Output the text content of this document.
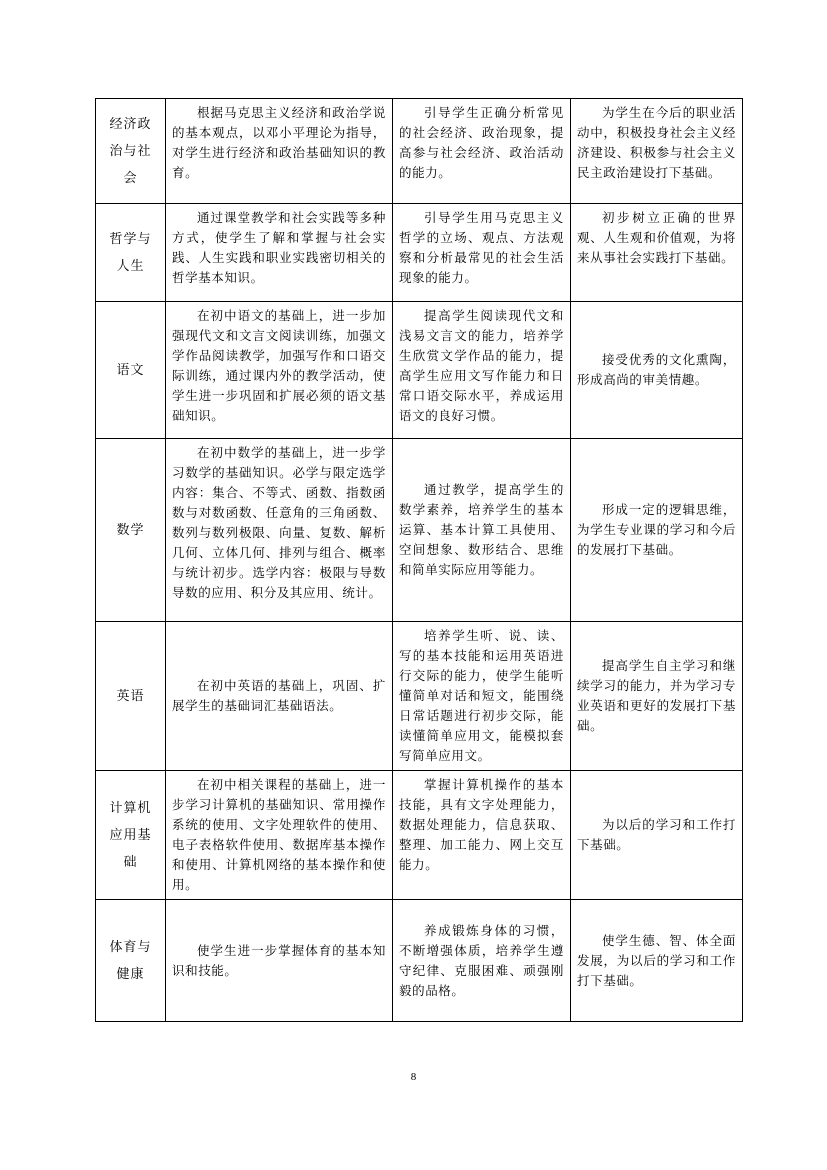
经济政治与社会	根据马克思主义经济和政治学说的基本观点，以邓小平理论为指导，对学生进行经济和政治基础知识的教育。	引导学生正确分析常见的社会经济、政治现象，提高参与社会经济、政治活动的能力。	为学生在今后的职业活动中，积极投身社会主义经济建设、积极参与社会主义民主政治建设打下基础。

哲学与人生	通过课堂教学和社会实践等多种方式，使学生了解和掌握与社会实践、人生实践和职业实践密切相关的哲学基本知识。	引导学生用马克思主义哲学的立场、观点、方法观察和分析最常见的社会生活现象的能力。	初步树立正确的世界观、人生观和价值观，为将来从事社会实践打下基础。

语文	在初中语文的基础上，进一步加强现代文和文言文阅读训练，加强文学作品阅读教学，加强写作和口语交际训练，通过课内外的教学活动，使学生进一步巩固和扩展必须的语文基础知识。	提高学生阅读现代文和浅易文言文的能力，培养学生欣赏文学作品的能力，提高学生应用文写作能力和日常口语交际水平，养成运用语文的良好习惯。	接受优秀的文化熏陶，形成高尚的审美情趣。

数学	在初中数学的基础上，进一步学习数学的基础知识。必学与限定选学内容：集合、不等式、函数、指数函数与对数函数、任意角的三角函数、数列与数列极限、向量、复数、解析几何、立体几何、排列与组合、概率与统计初步。选学内容：极限与导数导数的应用、积分及其应用、统计。	通过教学，提高学生的数学素养，培养学生的基本运算、基本计算工具使用、空间想象、数形结合、思维和简单实际应用等能力。	形成一定的逻辑思维，为学生专业课的学习和今后的发展打下基础。

英语	在初中英语的基础上，巩固、扩展学生的基础词汇基础语法。	培养学生听、说、读、写的基本技能和运用英语进行交际的能力，使学生能听懂简单对话和短文，能围绕日常话题进行初步交际，能读懂简单应用文，能模拟套写简单应用文。	提高学生自主学习和继续学习的能力，并为学习专业英语和更好的发展打下基础。

计算机应用基础	在初中相关课程的基础上，进一步学习计算机的基础知识、常用操作系统的使用、文字处理软件的使用、电子表格软件使用、数据库基本操作和使用、计算机网络的基本操作和使用。	掌握计算机操作的基本技能，具有文字处理能力，数据处理能力，信息获取、整理、加工能力、网上交互能力。	为以后的学习和工作打下基础。

体育与健康	使学生进一步掌握体育的基本知识和技能。	养成锻炼身体的习惯，不断增强体质，培养学生遵守纪律、克服困难、顽强刚毅的品格。	使学生德、智、体全面发展，为以后的学习和工作打下基础。

8
